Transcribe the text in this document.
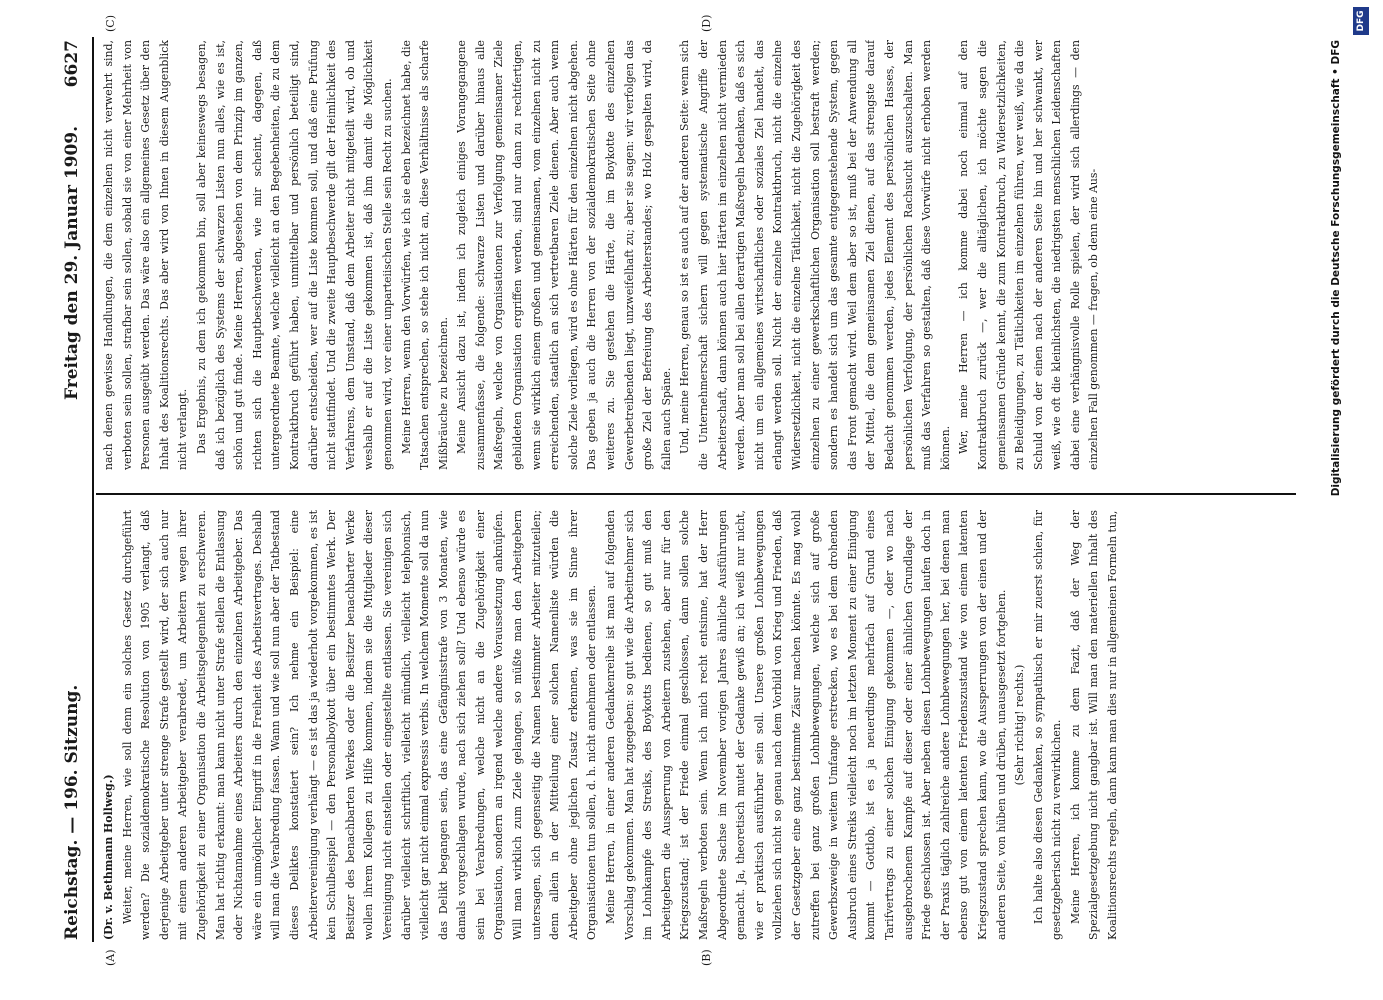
Reichstag. — 196. Sitzung.
Freitag den 29. Januar 1909.
6627
(A)	(B)
(C)	(D)

(Dr. v. Bethmann Hollweg.) Weiter, meine Herren, wie soll denn ein solches Gesetz durchgeführt werden? Die sozialdemokratische Resolution von 1905 verlangt, daß derjenige Arbeitgeber unter strenge Strafe gestellt wird, der sich auch nur mit einem anderen Arbeitgeber verabredet, um Arbeitern wegen ihrer Zugehörigkeit zu einer Organisation die Arbeitsgelegenheit zu erschweren. Man hat richtig erkannt: man kann nicht unter Strafe stellen die Entlassung oder Nichtannahme eines Arbeiters durch den einzelnen Arbeitgeber. Das wäre ein unmöglicher Eingriff in die Freiheit des Arbeitsvertrages. Deshalb will man die Verabredung fassen. Wann und wie soll nun aber der Tatbestand dieses Deliktes konstatiert sein? Ich nehme ein Beispiel: eine Arbeitervereinigung verhängt — es ist das ja wiederholt vorgekommen, es ist kein Schulbeispiel — den Personalboykott über ein bestimmtes Werk. Der Besitzer des benachbarten Werkes oder die Besitzer benachbarter Werke wollen ihrem Kollegen zu Hilfe kommen, indem sie die Mitglieder dieser Vereinigung nicht einstellen oder eingestellte entlassen. Sie vereinigen sich darüber vielleicht schriftlich, vielleicht mündlich, vielleicht telephonisch, vielleicht gar nicht einmal expressis verbis. In welchem Momente soll da nun das Delikt begangen sein, das eine Gefängnisstrafe von 3 Monaten, wie damals vorgeschlagen wurde, nach sich ziehen soll? Und ebenso würde es sein bei Verabredungen, welche nicht an die Zugehörigkeit einer Organisation, sondern an irgend welche andere Voraussetzung anknüpfen. Will man wirklich zum Ziele gelangen, so müßte man den Arbeitgebern untersagen, sich gegenseitig die Namen bestimmter Arbeiter mitzuteilen; denn allein in der Mitteilung einer solchen Namenliste würden die Arbeitgeber ohne jeglichen Zusatz erkennen, was sie im Sinne ihrer Organisationen tun sollen, d. h. nicht annehmen oder entlassen. Meine Herren, in einer anderen Gedankenreihe ist man auf folgenden Vorschlag gekommen. Man hat zugegeben: so gut wie die Arbeitnehmer sich im Lohnkampfe des Streiks, des Boykotts bedienen, so gut muß den Arbeitgebern die Aussperrung von Arbeitern zustehen, aber nur für den Kriegszustand; ist der Friede einmal geschlossen, dann sollen solche Maßregeln verboten sein. Wenn ich mich recht entsinne, hat der Herr Abgeordnete Sachse im November vorigen Jahres ähnliche Ausführungen gemacht. Ja, theoretisch mutet der Gedanke gewiß an; ich weiß nur nicht, wie er praktisch ausführbar sein soll. Unsere großen Lohnbewegungen vollziehen sich nicht so genau nach dem Vorbild von Krieg und Frieden, daß der Gesetzgeber eine ganz bestimmte Zäsur machen könnte. Es mag wohl zutreffen bei ganz großen Lohnbewegungen, welche sich auf große Gewerbszweige in weitem Umfange erstrecken, wo es bei dem drohenden Ausbruch eines Streiks vielleicht noch im letzten Moment zu einer Einigung kommt — Gottlob, ist es ja neuerdings mehrfach auf Grund eines Tarifvertrags zu einer solchen Einigung gekommen —, oder wo nach ausgebrochenem Kampfe auf dieser oder einer ähnlichen Grundlage der Friede geschlossen ist. Aber neben diesen Lohnbewegungen laufen doch in der Praxis täglich zahlreiche andere Lohnbewegungen her, bei denen man ebenso gut von einem latenten Friedenszustand wie von einem latenten Kriegszustand sprechen kann, wo die Aussperrungen von der einen und der anderen Seite, von hüben und drüben, unausgesetzt fortgehen. (Sehr richtig! rechts.) Ich halte also diesen Gedanken, so sympathisch er mir zuerst schien, für gesetzgeberisch nicht zu verwirklichen. Meine Herren, ich komme zu dem Fazit, daß der Weg der Spezialgesetzgebung nicht gangbar ist. Will man den materiellen Inhalt des Koalitionsrechts regeln, dann kann man dies nur in allgemeinen Formeln tun,

nach denen gewisse Handlungen, die dem einzelnen nicht verwehrt sind, verboten sein sollen, strafbar sein sollen, sobald sie von einer Mehrheit von Personen ausgeübt werden. Das wäre also ein allgemeines Gesetz über den Inhalt des Koalitionsrechts. Das aber wird von Ihnen in diesem Augenblick nicht verlangt. Das Ergebnis, zu dem ich gekommen bin, soll aber keineswegs besagen, daß ich bezüglich des Systems der schwarzen Listen nun alles, wie es ist, schön und gut finde. Meine Herren, abgesehen von dem Prinzip im ganzen, richten sich die Hauptbeschwerden, wie mir scheint, dagegen, daß untergeordnete Beamte, welche vielleicht an den Begebenheiten, die zu dem Kontraktbruch geführt haben, unmittelbar und persönlich beteiligt sind, darüber entscheiden, wer auf die Liste kommen soll, und daß eine Prüfung nicht stattfindet. Und die zweite Hauptbeschwerde gilt der Heimlichkeit des Verfahrens, dem Umstand, daß dem Arbeiter nicht mitgeteilt wird, ob und weshalb er auf die Liste gekommen ist, daß ihm damit die Möglichkeit genommen wird, vor einer unparteiischen Stelle sein Recht zu suchen. Meine Herren, wenn den Vorwürfen, wie ich sie eben bezeichnet habe, die Tatsachen entsprechen, so stehe ich nicht an, diese Verhältnisse als scharfe Mißbräuche zu bezeichnen. Meine Ansicht dazu ist, indem ich zugleich einiges Vorangegangene zusammenfasse, die folgende: schwarze Listen und darüber hinaus alle Maßregeln, welche von Organisationen zur Verfolgung gemeinsamer Ziele gebildeten Organisation ergriffen werden, sind nur dann zu rechtfertigen, wenn sie wirklich einem großen und gemeinsamen, vom einzelnen nicht zu erreichenden, staatlich an sich vertretbaren Ziele dienen. Aber auch wenn solche Ziele vorliegen, wird es ohne Härten für den einzelnen nicht abgehen. Das geben ja auch die Herren von der sozialdemokratischen Seite ohne weiteres zu. Sie gestehen die Härte, die im Boykotte des einzelnen Gewerbetreibenden liegt, unzweifelhaft zu; aber sie sagen: wir verfolgen das große Ziel der Befreiung des Arbeiterstandes; wo Holz gespalten wird, da fallen auch Späne. Und, meine Herren, genau so ist es auch auf der anderen Seite: wenn sich die Unternehmerschaft sichern will gegen systematische Angriffe der Arbeiterschaft, dann können auch hier Härten im einzelnen nicht vermieden werden. Aber man soll bei allen derartigen Maßregeln bedenken, daß es sich nicht um ein allgemeines wirtschaftliches oder soziales Ziel handelt, das erlangt werden soll. Nicht der einzelne Kontraktbruch, nicht die einzelne Widersetzlichkeit, nicht die einzelne Tätlichkeit, nicht die Zugehörigkeit des einzelnen zu einer gewerkschaftlichen Organisation soll bestraft werden; sondern es handelt sich um das gesamte entgegenstehende System, gegen das Front gemacht wird. Weil dem aber so ist, muß bei der Anwendung all der Mittel, die dem gemeinsamen Ziel dienen, auf das strengste darauf Bedacht genommen werden, jedes Element des persönlichen Hasses, der persönlichen Verfolgung, der persönlichen Rachsucht auszuschalten. Man muß das Verfahren so gestalten, daß diese Vorwürfe nicht erhoben werden können. Wer, meine Herren — ich komme dabei noch einmal auf den Kontraktbruch zurück —, wer die alltäglichen, ich möchte sagen die gemeinsamen Gründe kennt, die zum Kontraktbruch, zu Widersetzlichkeiten, zu Beleidigungen, zu Tätlichkeiten im einzelnen führen, wer weiß, wie da die Schuld von der einen nach der anderen Seite hin und her schwankt, wer weiß, wie oft die kleinlichsten, die niedrigsten menschlichen Leidenschaften dabei eine verhängnisvolle Rolle spielen, der wird sich allerdings — den einzelnen Fall genommen — fragen, ob denn eine Aus-	Digitalisierung gefördert durch die Deutsche Forschungsgemeinschaft • DFG
DFG
